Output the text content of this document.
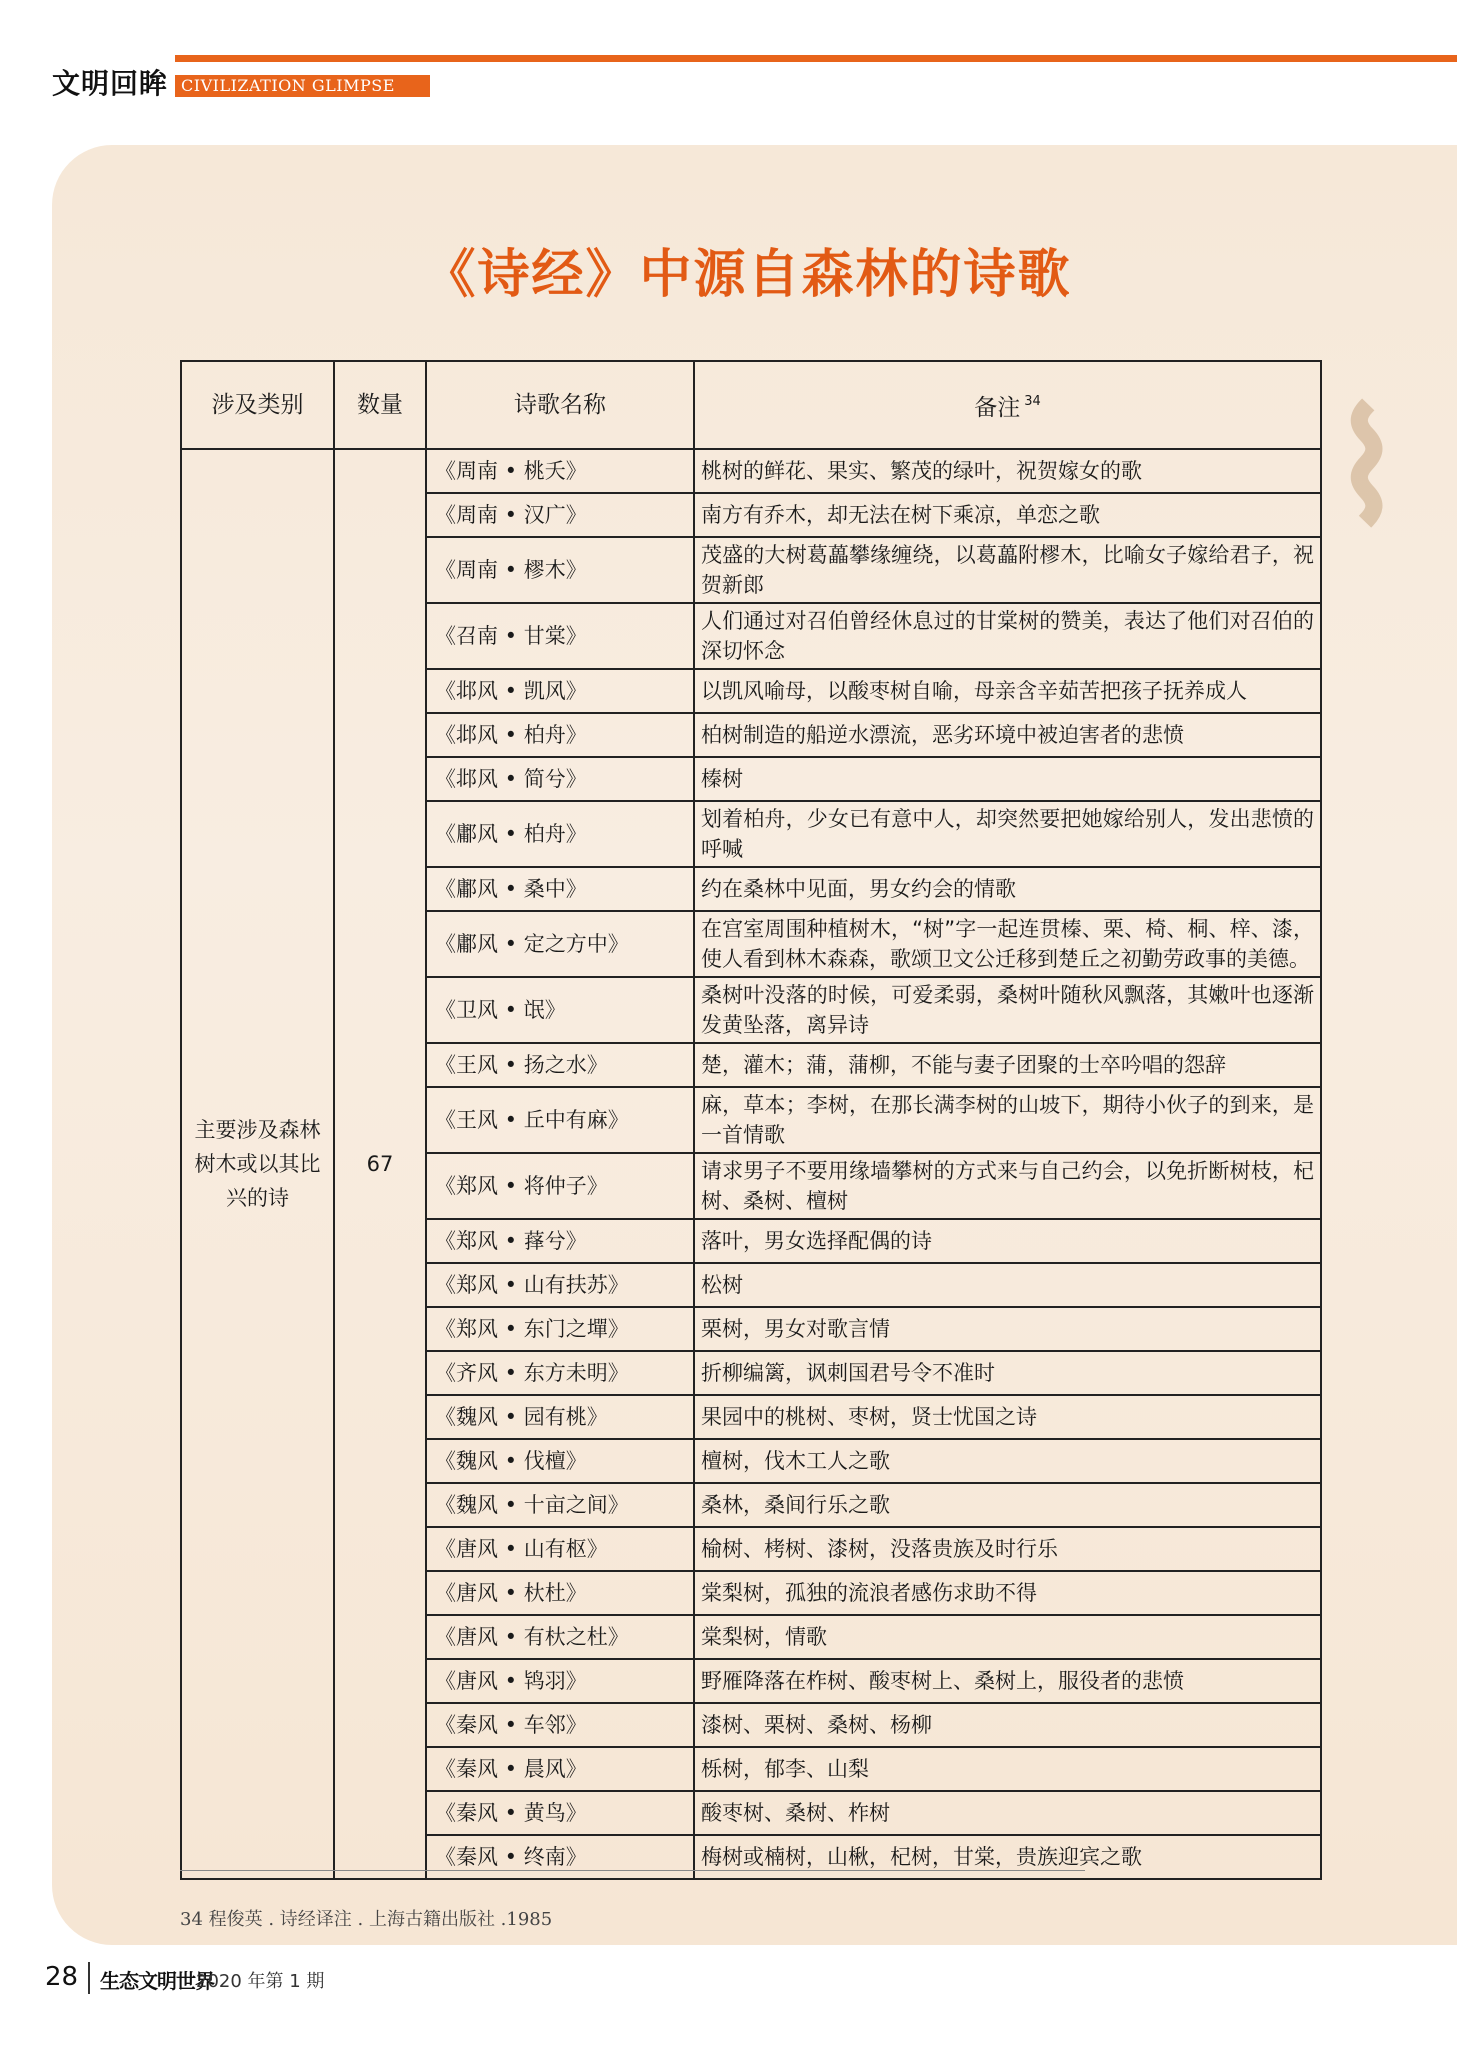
文明回眸 CIVILIZATION GLIMPSE
⌇
《诗经》中源自森林的诗歌
涉及类别	数量	诗歌名称	备注 $^{34}$
主要涉及森林树木或以其比兴的诗	67	《周南 • 桃夭》	桃树的鲜花、果实、繁茂的绿叶，祝贺嫁女的歌
		《周南 • 汉广》	南方有乔木，却无法在树下乘凉，单恋之歌
		《周南 • 樛木》	茂盛的大树葛藟攀缘缠绕，以葛藟附樛木，比喻女子嫁给君子，祝贺新郎
		《召南 • 甘棠》	人们通过对召伯曾经休息过的甘棠树的赞美，表达了他们对召伯的深切怀念
		《邶风 • 凯风》	以凯风喻母，以酸枣树自喻，母亲含辛茹苦把孩子抚养成人
		《邶风 • 柏舟》	柏树制造的船逆水漂流，恶劣环境中被迫害者的悲愤
		《邶风 • 简兮》	榛树
		《鄘风 • 柏舟》	划着柏舟，少女已有意中人，却突然要把她嫁给别人，发出悲愤的呼喊
		《鄘风 • 桑中》	约在桑林中见面，男女约会的情歌
		《鄘风 • 定之方中》	在宫室周围种植树木，“树”字一起连贯榛、栗、椅、桐、梓、漆，使人看到林木森森，歌颂卫文公迁移到楚丘之初勤劳政事的美德。
		《卫风 • 氓》	桑树叶没落的时候，可爱柔弱，桑树叶随秋风飘落，其嫩叶也逐渐发黄坠落，离异诗
		《王风 • 扬之水》	楚，灌木；蒲，蒲柳，不能与妻子团聚的士卒吟唱的怨辞
		《王风 • 丘中有麻》	麻，草本；李树，在那长满李树的山坡下，期待小伙子的到来，是一首情歌
		《郑风 • 将仲子》	请求男子不要用缘墙攀树的方式来与自己约会，以免折断树枝，杞树、桑树、檀树
		《郑风 • 萚兮》	落叶，男女选择配偶的诗
		《郑风 • 山有扶苏》	松树
		《郑风 • 东门之墠》	栗树，男女对歌言情
		《齐风 • 东方未明》	折柳编篱，讽刺国君号令不准时
		《魏风 • 园有桃》	果园中的桃树、枣树，贤士忧国之诗
		《魏风 • 伐檀》	檀树，伐木工人之歌
		《魏风 • 十亩之间》	桑林，桑间行乐之歌
		《唐风 • 山有枢》	榆树、栲树、漆树，没落贵族及时行乐
		《唐风 • 杕杜》	棠梨树，孤独的流浪者感伤求助不得
		《唐风 • 有杕之杜》	棠梨树，情歌
		《唐风 • 鸨羽》	野雁降落在柞树、酸枣树上、桑树上，服役者的悲愤
		《秦风 • 车邻》	漆树、栗树、桑树、杨柳
		《秦风 • 晨风》	栎树，郁李、山梨
		《秦风 • 黄鸟》	酸枣树、桑树、柞树
		《秦风 • 终南》	梅树或楠树，山楸，杞树，甘棠，贵族迎宾之歌
34 程俊英 . 诗经译注 . 上海古籍出版社 .1985
28 生态文明世界
2020 年第 1 期
